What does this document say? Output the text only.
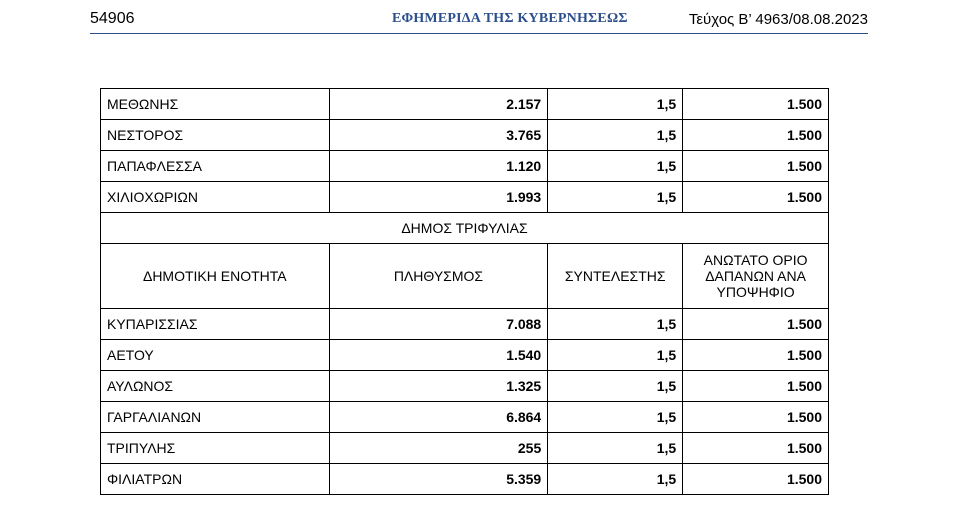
54906	ΕΦΗΜΕΡΙΔΑ ΤΗΣ ΚΥΒΕΡΝΗΣΕΩΣ	Τεύχος Β’ 4963/08.08.2023
ΜΕΘΩΝΗΣ	2.157	1,5	1.500
ΝΕΣΤΟΡΟΣ	3.765	1,5	1.500
ΠΑΠΑΦΛΕΣΣΑ	1.120	1,5	1.500
ΧΙΛΙΟΧΩΡΙΩΝ	1.993	1,5	1.500
ΔΗΜΟΣ ΤΡΙΦΥΛΙΑΣ			
ΔΗΜΟΤΙΚΗ ΕΝΟΤΗΤΑ	ΠΛΗΘΥΣΜΟΣ	ΣΥΝΤΕΛΕΣΤΗΣ	ΑΝΩΤΑΤΟ ΟΡΙΟ
ΔΑΠΑΝΩΝ ΑΝΑ
ΥΠΟΨΗΦΙΟ

ΚΥΠΑΡΙΣΣΙΑΣ	7.088	1,5	1.500
ΑΕΤΟΥ	1.540	1,5	1.500
ΑΥΛΩΝΟΣ	1.325	1,5	1.500
ΓΑΡΓΑΛΙΑΝΩΝ	6.864	1,5	1.500
ΤΡΙΠΥΛΗΣ	255	1,5	1.500
ΦΙΛΙΑΤΡΩΝ	5.359	1,5	1.500
